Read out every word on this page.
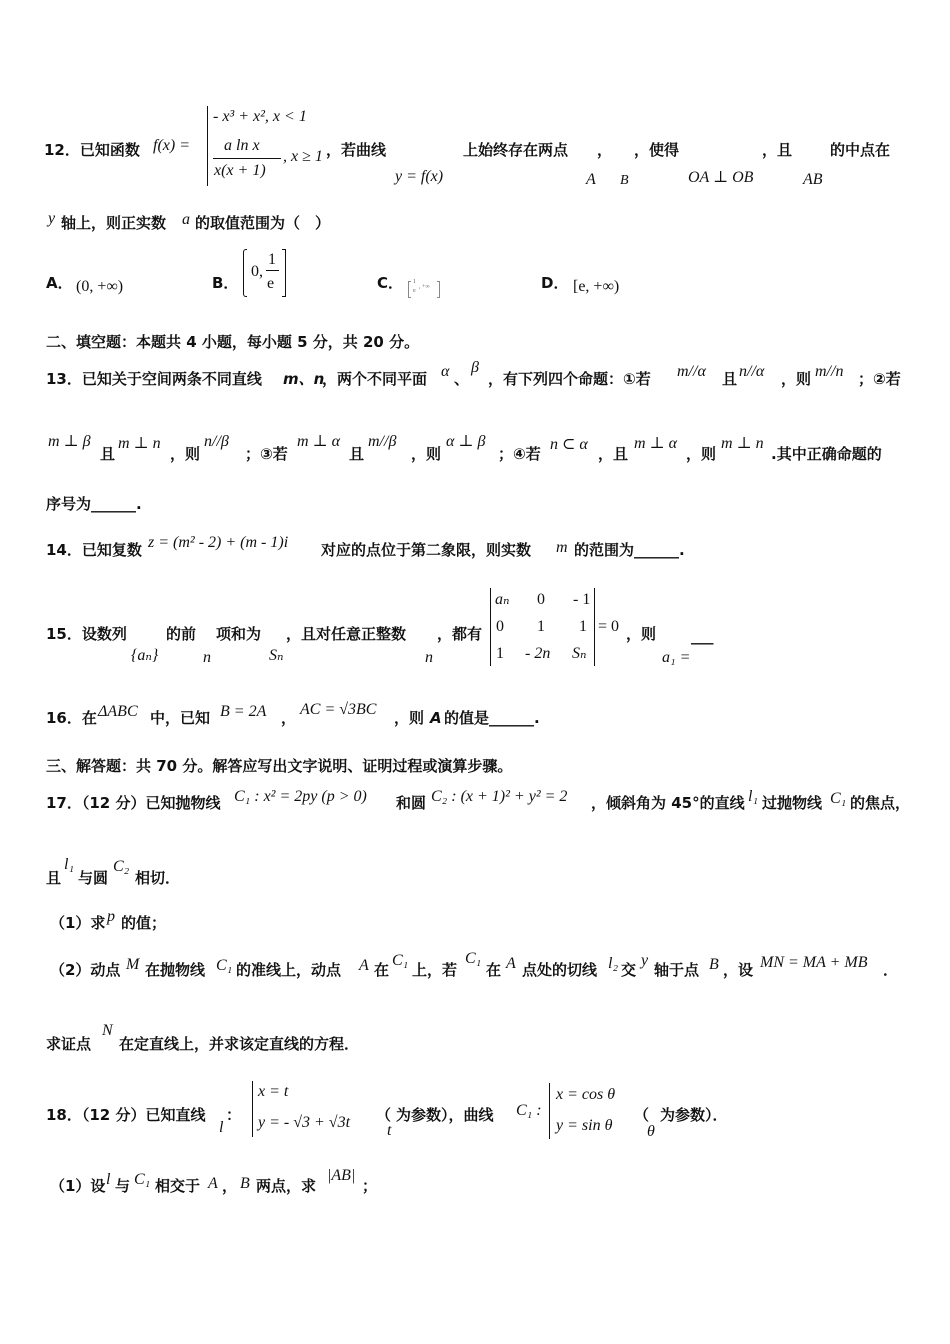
12．已知函数 f(x) =
- x³ + x², x < 1
a ln x
x(x + 1)
, x ≥ 1 ，若曲线	上始终存在两点 ， ，使得	，且	的中点在
y = f(x)	A B	OA ⊥ OB	AB
y 轴上，则正实数 a 的取值范围为（　）
A． (0, +∞)	B．
0,
1
e	C． 1
e
, +∞	D． [e, +∞)
二、填空题：本题共 4 小题，每小题 5 分，共 20 分。
13．已知关于空间两条不同直线 m、n
，两个不同平面 α 、
β
，有下列四个命题：①若 m//α 且 n//α ，则 m//n ；②若
m ⊥ β
且
m ⊥ n
，则
n//β
；③若
m ⊥ α
且
m//β
，则
α ⊥ β
；④若
n ⊂ α
，且
m ⊥ α
，则
m ⊥ n
.其中正确命题的
序号为______.
14．已知复数 z = (m² - 2) + (m - 1)i 对应的点位于第二象限，则实数 m 的范围为______.
15．设数列
{aₙ}
的前
n
项和为
Sₙ
，且对任意正整数
n
，都有
aₙ 0 - 1
0 1 1
1 - 2n Sₙ
= 0 ，则
a₁ =
___
16．在 ΔABC 中，已知 B = 2A ， AC = √3BC ，则 A 的值是______.
三、解答题：共 70 分。解答应写出文字说明、证明过程或演算步骤。
17．（12 分）已知抛物线 C₁ : x² = 2py (p > 0) 和圆 C₂ : (x + 1)² + y² = 2 ，倾斜角为 45°的直线 l₁ 过抛物线 C₁ 的焦点，
且
l₁
与圆
C₂
相切．
（1）求 p 的值；
（2）动点 M 在抛物线 C₁ 的准线上，动点 A 在
C₁
上，若
C₁
在 A 点处的切线 l₂ 交
y
轴于点 B ，设 MN = MA + MB ．
求证点
N
在定直线上，并求该定直线的方程．
18．（12 分）已知直线
l
：
x = t
y = - √3 + √3t （
t
为参数），曲线 C₁ :
x = cos θ
y = sin θ
（
θ
为参数）．
（1）设 l 与 C₁ 相交于 A ， B 两点，求
|AB|
；
